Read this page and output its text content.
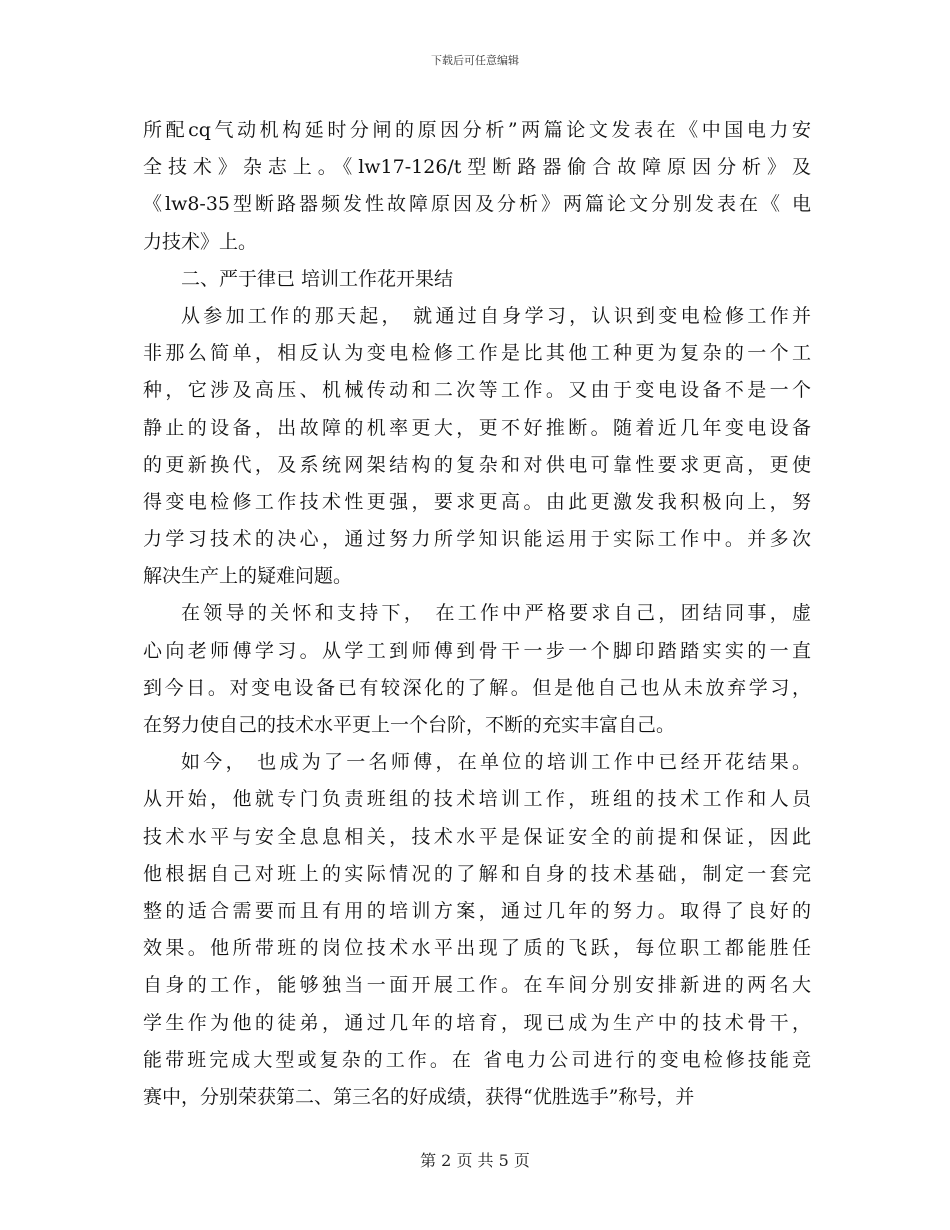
下载后可任意编辑
所配cq气动机构延时分闸的原因分析”两篇论文发表在《中国电力安
全技术》杂志上。《lw17-126/t型断路器偷合故障原因分析》及
《lw8-35型断路器频发性故障原因及分析》两篇论文分别发表在《 电
力技术》上。
二、严于律已 培训工作花开果结
从参加工作的那天起， 就通过自身学习，认识到变电检修工作并
非那么简单，相反认为变电检修工作是比其他工种更为复杂的一个工
种，它涉及高压、机械传动和二次等工作。又由于变电设备不是一个
静止的设备，出故障的机率更大，更不好推断。随着近几年变电设备
的更新换代，及系统网架结构的复杂和对供电可靠性要求更高，更使
得变电检修工作技术性更强，要求更高。由此更激发我积极向上，努
力学习技术的决心，通过努力所学知识能运用于实际工作中。并多次
解决生产上的疑难问题。
在领导的关怀和支持下， 在工作中严格要求自己，团结同事，虚
心向老师傅学习。从学工到师傅到骨干一步一个脚印踏踏实实的一直
到今日。对变电设备已有较深化的了解。但是他自己也从未放弃学习，
在努力使自己的技术水平更上一个台阶，不断的充实丰富自己。
如今， 也成为了一名师傅，在单位的培训工作中已经开花结果。
从开始，他就专门负责班组的技术培训工作，班组的技术工作和人员
技术水平与安全息息相关，技术水平是保证安全的前提和保证，因此
他根据自己对班上的实际情况的了解和自身的技术基础，制定一套完
整的适合需要而且有用的培训方案，通过几年的努力。取得了良好的
效果。他所带班的岗位技术水平出现了质的飞跃，每位职工都能胜任
自身的工作，能够独当一面开展工作。在车间分别安排新进的两名大
学生作为他的徒弟，通过几年的培育，现已成为生产中的技术骨干，
能带班完成大型或复杂的工作。在 省电力公司进行的变电检修技能竞
赛中，分别荣获第二、第三名的好成绩，获得“优胜选手”称号，并
第 2 页 共 5 页
